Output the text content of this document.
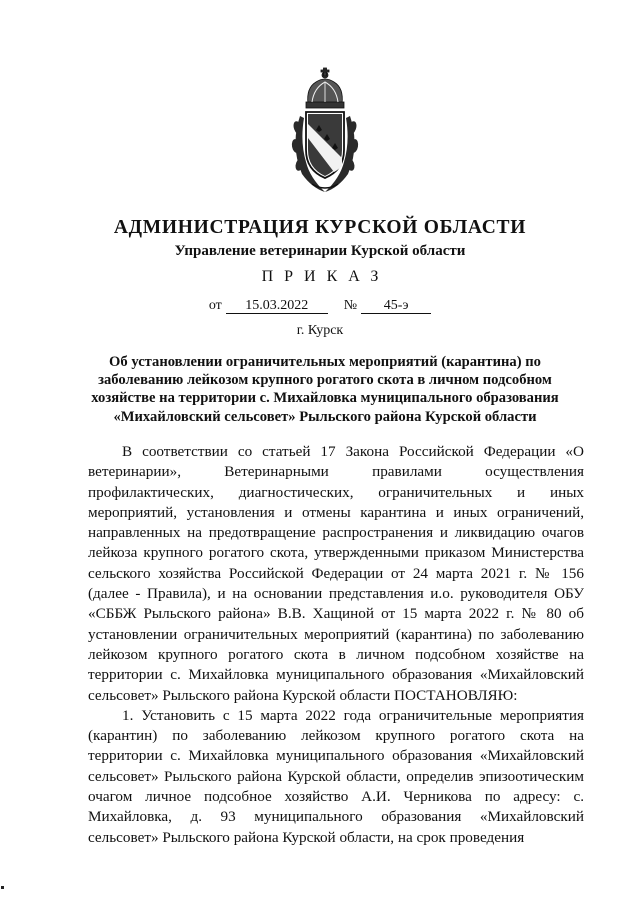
АДМИНИСТРАЦИЯ КУРСКОЙ ОБЛАСТИ
Управление ветеринарии Курской области
ПРИКАЗ
от 15.03.2022	№ 45-э
г. Курск
Об установлении ограничительных мероприятий (карантина) по заболеванию лейкозом крупного рогатого скота в личном подсобном хозяйстве на территории с. Михайловка муниципального образования «Михайловский сельсовет» Рыльского района Курской области

В соответствии со статьей 17 Закона Российской Федерации «О ветеринарии», Ветеринарными правилами осуществления профилактических, диагностических, ограничительных и иных мероприятий, установления и отмены карантина и иных ограничений, направленных на предотвращение распространения и ликвидацию очагов лейкоза крупного рогатого скота, утвержденными приказом Министерства сельского хозяйства Российской Федерации от 24 марта 2021 г. № 156 (далее - Правила), и на основании представления и.о. руководителя ОБУ «СББЖ Рыльского района» В.В. Хащиной от 15 марта 2022 г. № 80 об установлении ограничительных мероприятий (карантина) по заболеванию лейкозом крупного рогатого скота в личном подсобном хозяйстве на территории с. Михайловка муниципального образования «Михайловский сельсовет» Рыльского района Курской области ПОСТАНОВЛЯЮ:

1. Установить с 15 марта 2022 года ограничительные мероприятия (карантин) по заболеванию лейкозом крупного рогатого скота на территории с. Михайловка муниципального образования «Михайловский сельсовет» Рыльского района Курской области, определив эпизоотическим очагом личное подсобное хозяйство А.И. Черникова по адресу: с. Михайловка, д. 93 муниципального образования «Михайловский сельсовет» Рыльского района Курской области, на срок проведения
